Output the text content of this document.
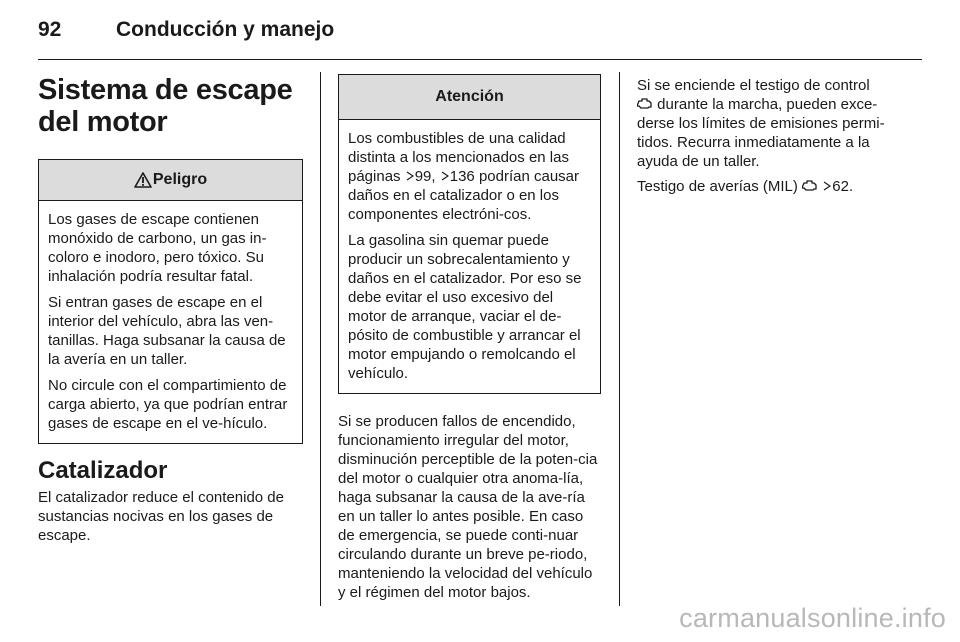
92	Conducción y manejo
Sistema de escape del motor
Peligro

Los gases de escape contienen monóxido de carbono, un gas in-coloro e inodoro, pero tóxico. Su inhalación podría resultar fatal.

Si entran gases de escape en el interior del vehículo, abra las ven-tanillas. Haga subsanar la causa de la avería en un taller.

No circule con el compartimiento de carga abierto, ya que podrían entrar gases de escape en el ve-hículo.

Catalizador

El catalizador reduce el contenido de sustancias nocivas en los gases de escape.

Atención

Los combustibles de una calidad distinta a los mencionados en las páginas 99, 136 podrían causar daños en el catalizador o en los componentes electróni-cos.

La gasolina sin quemar puede producir un sobrecalentamiento y daños en el catalizador. Por eso se debe evitar el uso excesivo del motor de arranque, vaciar el de-pósito de combustible y arrancar el motor empujando o remolcando el vehículo.

Si se producen fallos de encendido, funcionamiento irregular del motor, disminución perceptible de la poten-cia del motor o cualquier otra anoma-lía, haga subsanar la causa de la ave-ría en un taller lo antes posible. En caso de emergencia, se puede conti-nuar circulando durante un breve pe-riodo, manteniendo la velocidad del vehículo y el régimen del motor bajos.

Si se enciende el testigo de control
durante la marcha, pueden exce-derse los límites de emisiones permi-tidos. Recurra inmediatamente a la ayuda de un taller.

Testigo de averías (MIL)  62.

carmanualsonline.info
